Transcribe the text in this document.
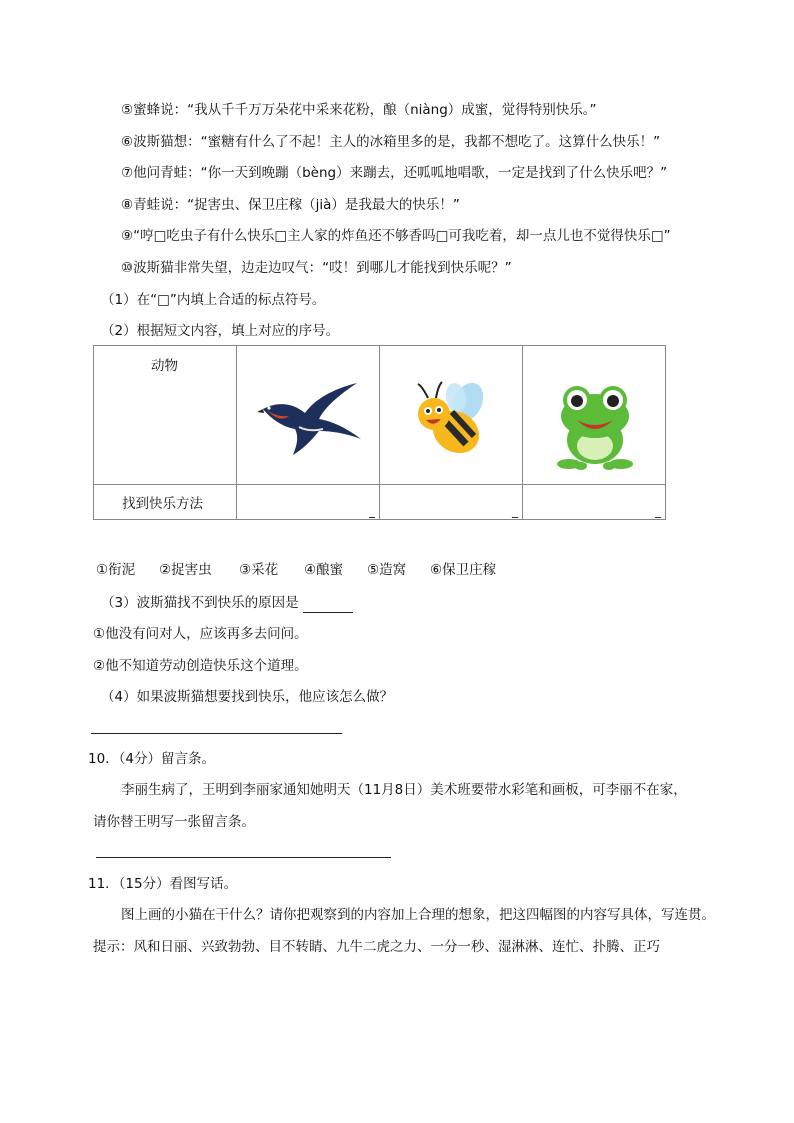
⑤蜜蜂说：“我从千千万万朵花中采来花粉，酿（niàng）成蜜，觉得特别快乐。”
⑥波斯猫想：“蜜糖有什么了不起！主人的冰箱里多的是，我都不想吃了。这算什么快乐！”
⑦他问青蛙：“你一天到晚蹦（bèng）来蹦去，还呱呱地唱歌，一定是找到了什么快乐吧？”
⑧青蛙说：“捉害虫、保卫庄稼（jià）是我最大的快乐！”
⑨“哼□吃虫子有什么快乐□主人家的炸鱼还不够香吗□可我吃着，却一点儿也不觉得快乐□”
⑩波斯猫非常失望，边走边叹气：“哎！到哪儿才能找到快乐呢？”
（1）在“□”内填上合适的标点符号。
（2）根据短文内容，填上对应的序号。
动物

找到快乐方法	_	_	_
①衔泥 ②捉害虫 ③采花 ④酿蜜 ⑤造窝 ⑥保卫庄稼
（3）波斯猫找不到快乐的原因是
①他没有问对人，应该再多去问问。
②他不知道劳动创造快乐这个道理。
（4）如果波斯猫想要找到快乐，他应该怎么做？
10．（4分）留言条。
李丽生病了，王明到李丽家通知她明天（11月8日）美术班要带水彩笔和画板，可李丽不在家，
请你替王明写一张留言条。
11．（15分）看图写话。
图上画的小猫在干什么？请你把观察到的内容加上合理的想象，把这四幅图的内容写具体，写连贯。
提示：风和日丽、兴致勃勃、目不转睛、九牛二虎之力、一分一秒、湿淋淋、连忙、扑腾、正巧
